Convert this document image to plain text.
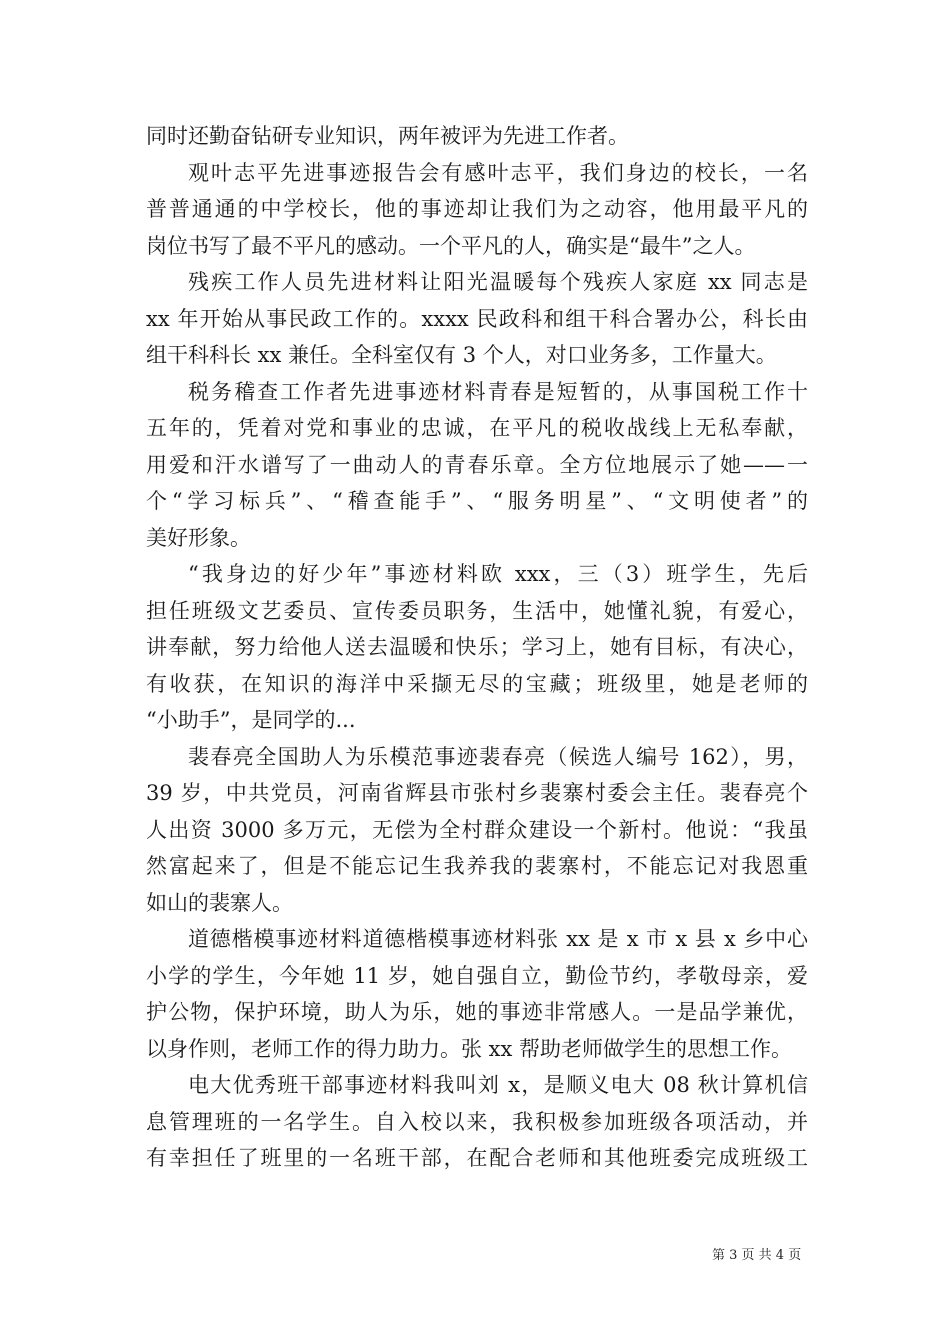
同时还勤奋钻研专业知识，两年被评为先进工作者。
观叶志平先进事迹报告会有感叶志平，我们身边的校长，一名
普普通通的中学校长，他的事迹却让我们为之动容，他用最平凡的
岗位书写了最不平凡的感动。一个平凡的人，确实是“最牛”之人。
残疾工作人员先进材料让阳光温暖每个残疾人家庭 xx 同志是
xx 年开始从事民政工作的。xxxx 民政科和组干科合署办公，科长由
组干科科长 xx 兼任。全科室仅有 3 个人，对口业务多，工作量大。
税务稽查工作者先进事迹材料青春是短暂的，从事国税工作十
五年的，凭着对党和事业的忠诚，在平凡的税收战线上无私奉献，
用爱和汗水谱写了一曲动人的青春乐章。全方位地展示了她——一
个“学习标兵”、“稽查能手”、“服务明星”、“文明使者”的
美好形象。
“我身边的好少年”事迹材料欧 xxx，三（3）班学生，先后
担任班级文艺委员、宣传委员职务，生活中，她懂礼貌，有爱心，
讲奉献，努力给他人送去温暖和快乐；学习上，她有目标，有决心，
有收获，在知识的海洋中采撷无尽的宝藏；班级里，她是老师的
“小助手”，是同学的...
裴春亮全国助人为乐模范事迹裴春亮（候选人编号 162），男，
39 岁，中共党员，河南省辉县市张村乡裴寨村委会主任。裴春亮个
人出资 3000 多万元，无偿为全村群众建设一个新村。他说：“我虽
然富起来了，但是不能忘记生我养我的裴寨村，不能忘记对我恩重
如山的裴寨人。
道德楷模事迹材料道德楷模事迹材料张 xx 是 x 市 x 县 x 乡中心
小学的学生，今年她 11 岁，她自强自立，勤俭节约，孝敬母亲，爱
护公物，保护环境，助人为乐，她的事迹非常感人。一是品学兼优，
以身作则，老师工作的得力助力。张 xx 帮助老师做学生的思想工作。
电大优秀班干部事迹材料我叫刘 x，是顺义电大 08 秋计算机信
息管理班的一名学生。自入校以来，我积极参加班级各项活动，并
有幸担任了班里的一名班干部，在配合老师和其他班委完成班级工
第 3 页 共 4 页
